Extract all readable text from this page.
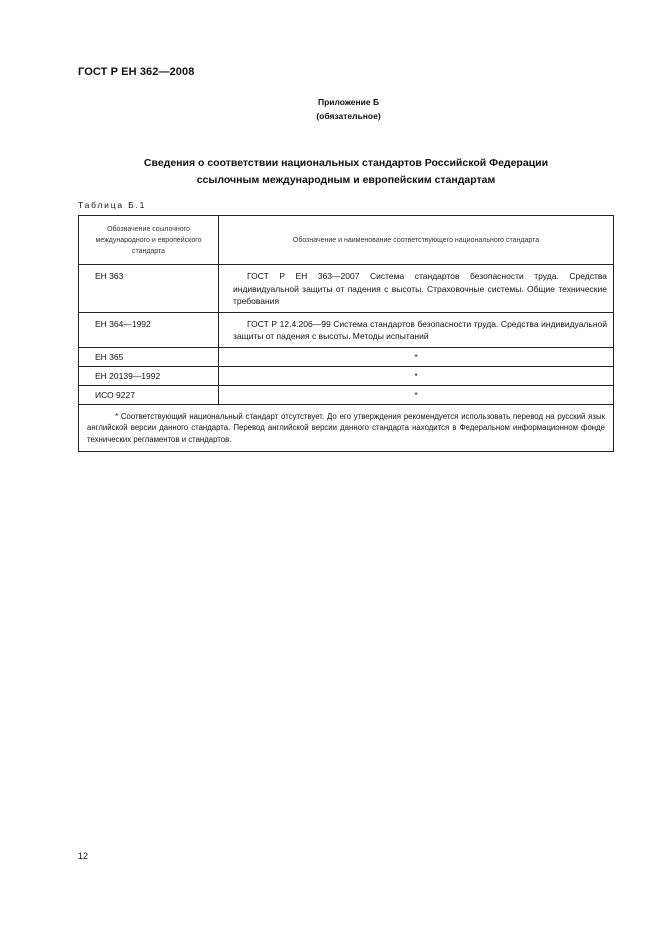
ГОСТ Р ЕН 362—2008
Приложение Б
(обязательное)
Сведения о соответствии национальных стандартов Российской Федерации
ссылочным международным и европейским стандартам
Таблица Б.1
Обозначение ссылочного международного и европейского стандарта	Обозначение и наименование соответствующего национального стандарта
ЕН 363	ГОСТ Р ЕН 363—2007 Система стандартов безопасности труда. Средства индивидуальной защиты от падения с высоты. Страховочные системы. Общие технические требования

ЕН 364—1992	ГОСТ Р 12.4.206—99 Система стандартов безопасности труда. Средства индивидуальной защиты от падения с высоты. Методы испытаний

ЕН 365	*
ЕН 20139—1992	*
ИСО 9227	*

* Соответствующий национальный стандарт отсутствует. До его утверждения рекомендуется использовать перевод на русский язык английской версии данного стандарта. Перевод английской версии данного стандарта находится в Федеральном информационном фонде технических регламентов и стандартов.	
12
